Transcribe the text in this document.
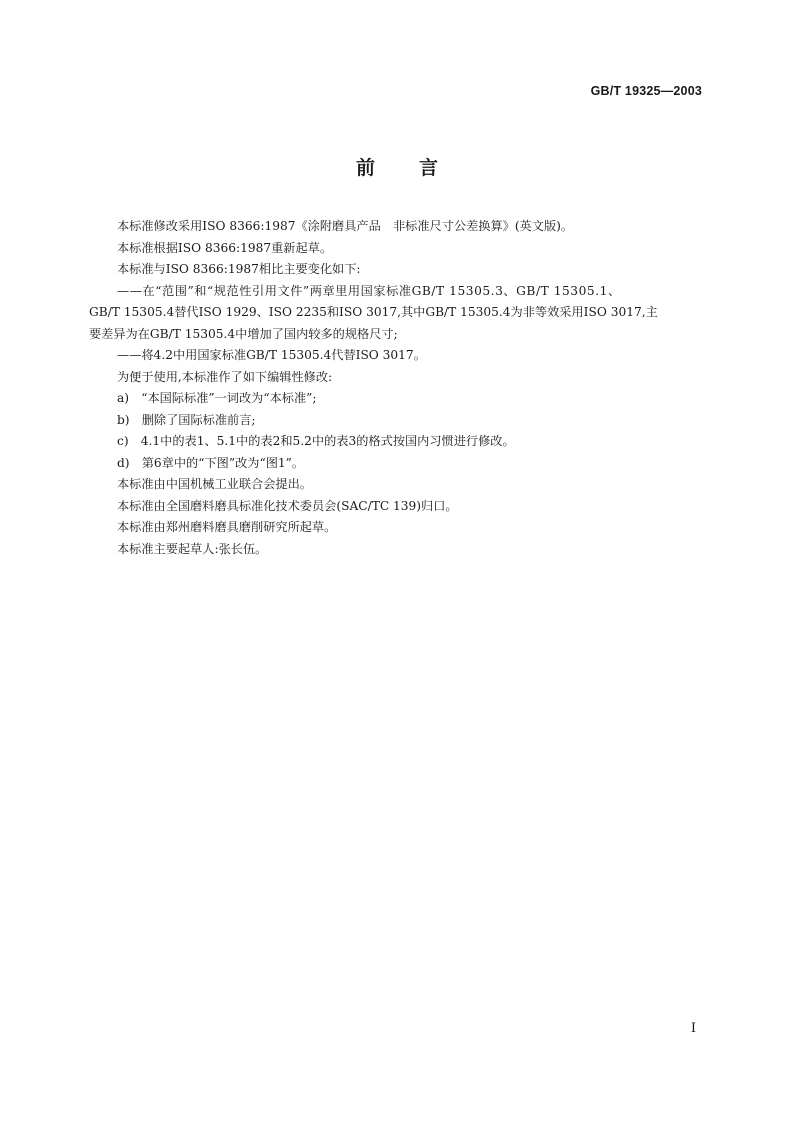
GB/T 19325—2003
前言

本标准修改采用ISO 8366:1987《涂附磨具产品　非标准尺寸公差换算》(英文版)。

本标准根据ISO 8366:1987重新起草。

本标准与ISO 8366:1987相比主要变化如下:

——在“范围”和“规范性引用文件”两章里用国家标准GB/T 15305.3、GB/T 15305.1、

GB/T 15305.4替代ISO 1929、ISO 2235和ISO 3017,其中GB/T 15305.4为非等效采用ISO 3017,主

要差异为在GB/T 15305.4中增加了国内较多的规格尺寸;

——将4.2中用国家标准GB/T 15305.4代替ISO 3017。

为便于使用,本标准作了如下编辑性修改:

a)　“本国际标准”一词改为“本标准”;

b)　删除了国际标准前言;

c)　4.1中的表1、5.1中的表2和5.2中的表3的格式按国内习惯进行修改。

d)　第6章中的“下图”改为“图1”。

本标准由中国机械工业联合会提出。

本标准由全国磨料磨具标准化技术委员会(SAC/TC 139)归口。

本标准由郑州磨料磨具磨削研究所起草。

本标准主要起草人:张长伍。

I
